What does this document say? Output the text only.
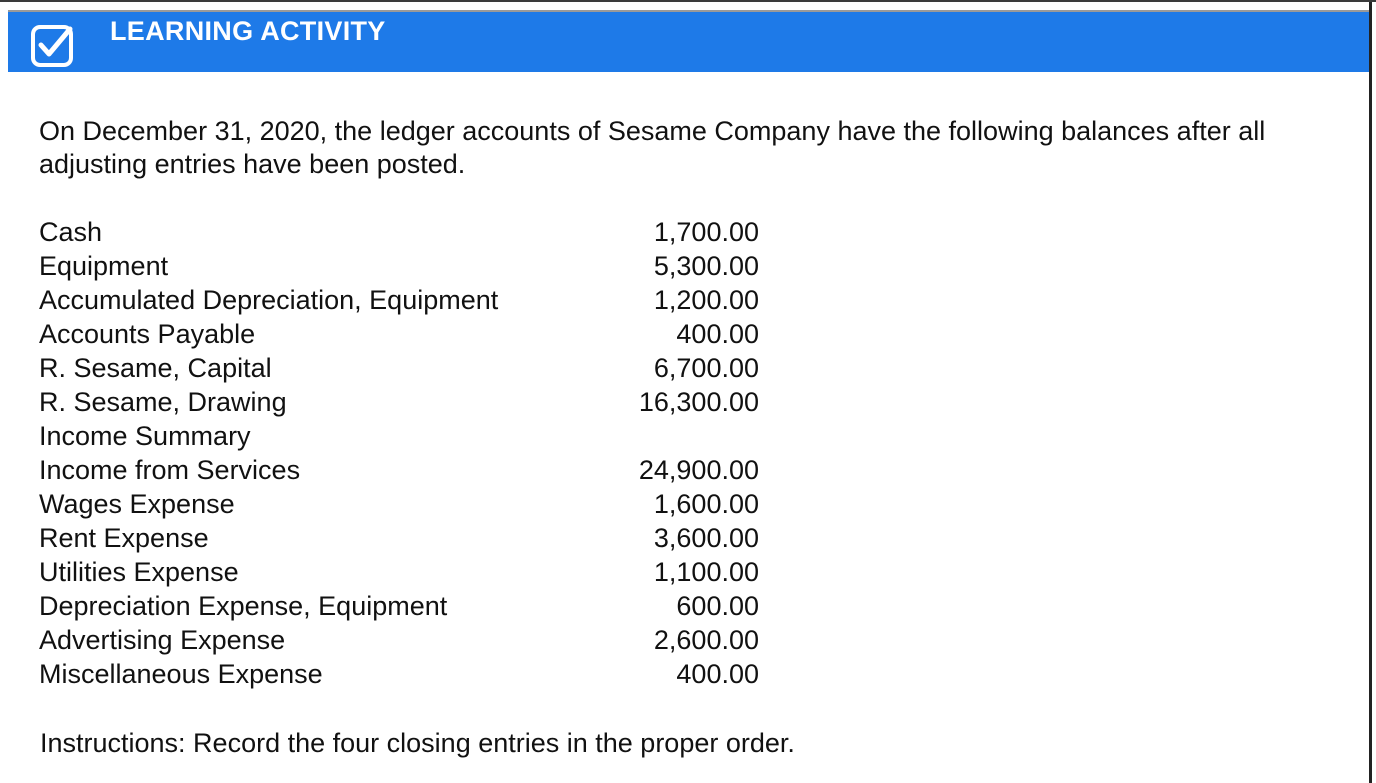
LEARNING ACTIVITY
On December 31, 2020, the ledger accounts of Sesame Company have the following balances after all adjusting entries have been posted.
Cash	1,700.00
Equipment	5,300.00
Accumulated Depreciation, Equipment	1,200.00
Accounts Payable	400.00
R. Sesame, Capital	6,700.00
R. Sesame, Drawing	16,300.00
Income Summary	
Income from Services	24,900.00
Wages Expense	1,600.00
Rent Expense	3,600.00
Utilities Expense	1,100.00
Depreciation Expense, Equipment	600.00
Advertising Expense	2,600.00
Miscellaneous Expense	400.00
Instructions: Record the four closing entries in the proper order.
